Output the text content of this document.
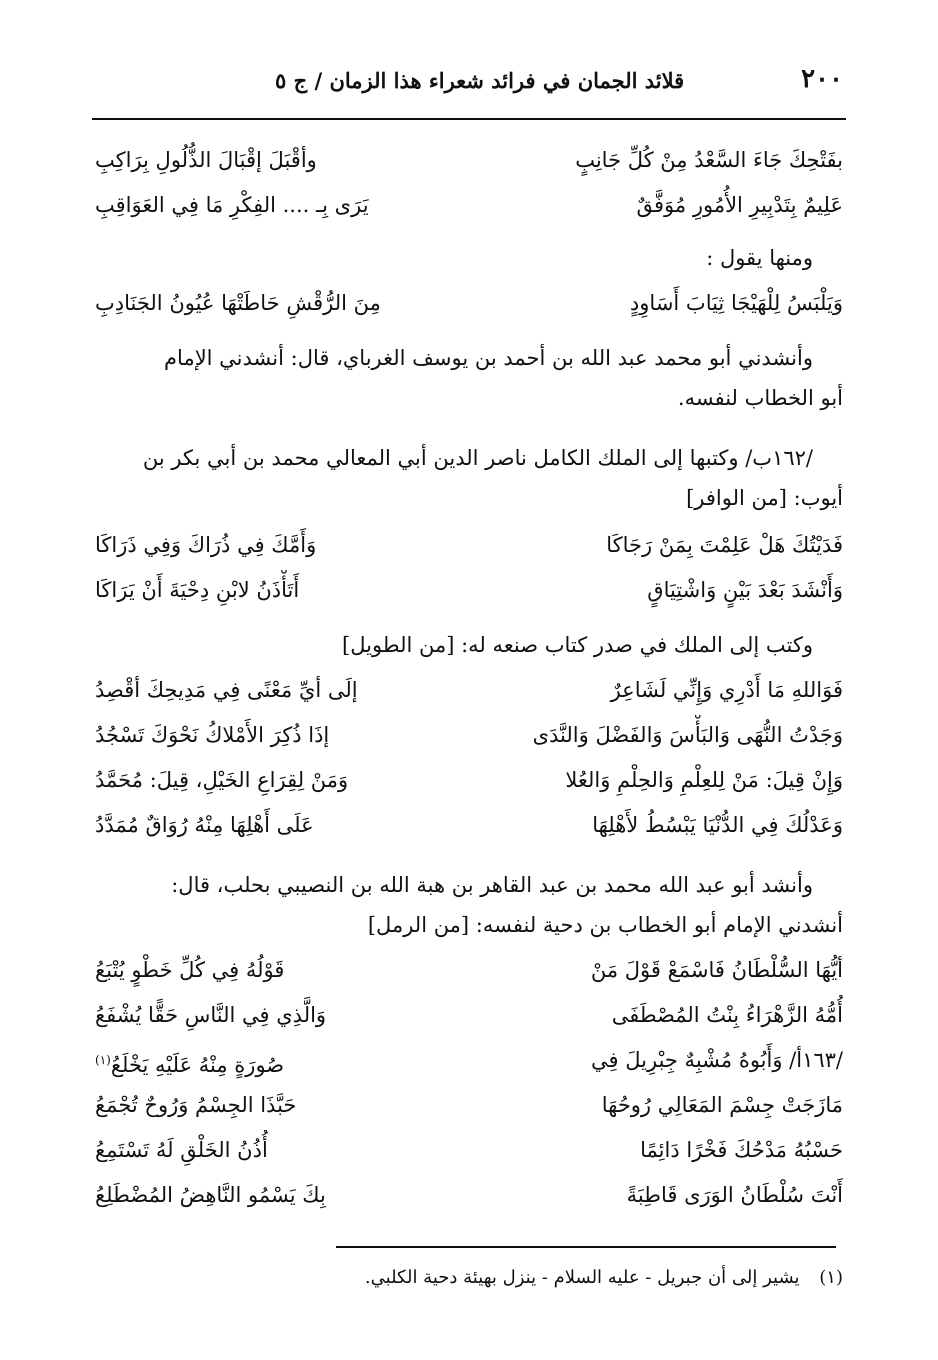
٢٠٠
قلائد الجمان في فرائد شعراء هذا الزمان / ج ٥
بفَتْحِكَ جَاءَ السَّعْدُ مِنْ كُلِّ جَانِبٍ
وأقْبَلَ إقْبَالَ الذُّلُولِ بِرَاكِبِ
عَلِيمٌ بِتَدْبِيرِ الأُمُورِ مُوَفَّقٌ
يَرَى بِـ .... الفِكْرِ مَا فِي العَوَاقِبِ
ومنها يقول :
وَيَلْبَسُ لِلْهَيْجَا ثِيَابَ أَسَاوِدٍ
مِنَ الرُّقْشِ حَاطَتْهَا عُيُونُ الجَنَادِبِ
وأنشدني أبو محمد عبد الله بن أحمد بن يوسف الغرباي، قال: أنشدني الإمام
أبو الخطاب لنفسه.
/١٦٢ب/ وكتبها إلى الملك الكامل ناصر الدين أبي المعالي محمد بن أبي بكر بن
أيوب: [من الوافر]
فَدَيْتُكَ هَلْ عَلِمْتَ بِمَنْ رَجَاكَا
وَأَمَّكَ فِي ذُرَاكَ وَفِي ذَرَاكَا
وَأَنْشَدَ بَعْدَ بَيْنٍ وَاشْتِيَاقٍ
أَتَأْذَنُ لابْنِ دِحْيَةَ أَنْ يَرَاكَا
وكتب إلى الملك في صدر كتاب صنعه له: [من الطويل]
فَوَاللهِ مَا أَدْرِي وَإِنِّي لَشَاعِرٌ
إلَى أيِّ مَعْنًى فِي مَدِيحِكَ أقْصِدُ
وَجَدْتُ النُّهَى وَالبَأْسَ وَالفَضْلَ وَالنَّدَى
إذَا ذُكِرَ الأَمْلاكُ نَحْوَكَ تَسْجُدُ
وَإِنْ قِيلَ: مَنْ لِلعِلْمِ وَالحِلْمِ وَالعُلا
وَمَنْ لِقِرَاعِ الخَيْلِ، قِيلَ: مُحَمَّدُ
وَعَدْلُكَ فِي الدُّنْيَا يَبْسُطُ لأَهْلِهَا
عَلَى أَهْلِهَا مِنْهُ رُوَاقٌ مُمَدَّدُ
وأنشد أبو عبد الله محمد بن عبد القاهر بن هبة الله بن النصيبي بحلب، قال:
أنشدني الإمام أبو الخطاب بن دحية لنفسه: [من الرمل]
أيُّهَا السُّلْطَانُ فَاسْمَعْ قَوْلَ مَنْ
قَوْلُهُ فِي كُلِّ خَطْوٍ يُتْبَعُ
أُمُّهُ الزَّهْرَاءُ بِنْتُ المُصْطَفَى
وَالَّذِي فِي النَّاسِ حَقًّا يُشْفَعُ
/١٦٣أ/ وَأَبُوهُ مُشْبِهٌ جِبْرِيلَ فِي
صُورَةٍ مِنْهُ عَلَيْهِ يَخْلَعُ$^{(١)}$
مَازَجَتْ جِسْمَ المَعَالِي رُوحُهَا
حَبَّذَا الجِسْمُ وَرُوحٌ تُجْمَعُ
حَسْبُهُ مَدْحُكَ فَخْرًا دَائِمًا
أُذُنُ الخَلْقِ لَهُ تَسْتَمِعُ
أَنْتَ سُلْطَانُ الوَرَى قَاطِبَةً
بِكَ يَسْمُو النَّاهِضُ المُضْطَلِعُ
(١) يشير إلى أن جبريل - عليه السلام - ينزل بهيئة دحية الكلبي.
